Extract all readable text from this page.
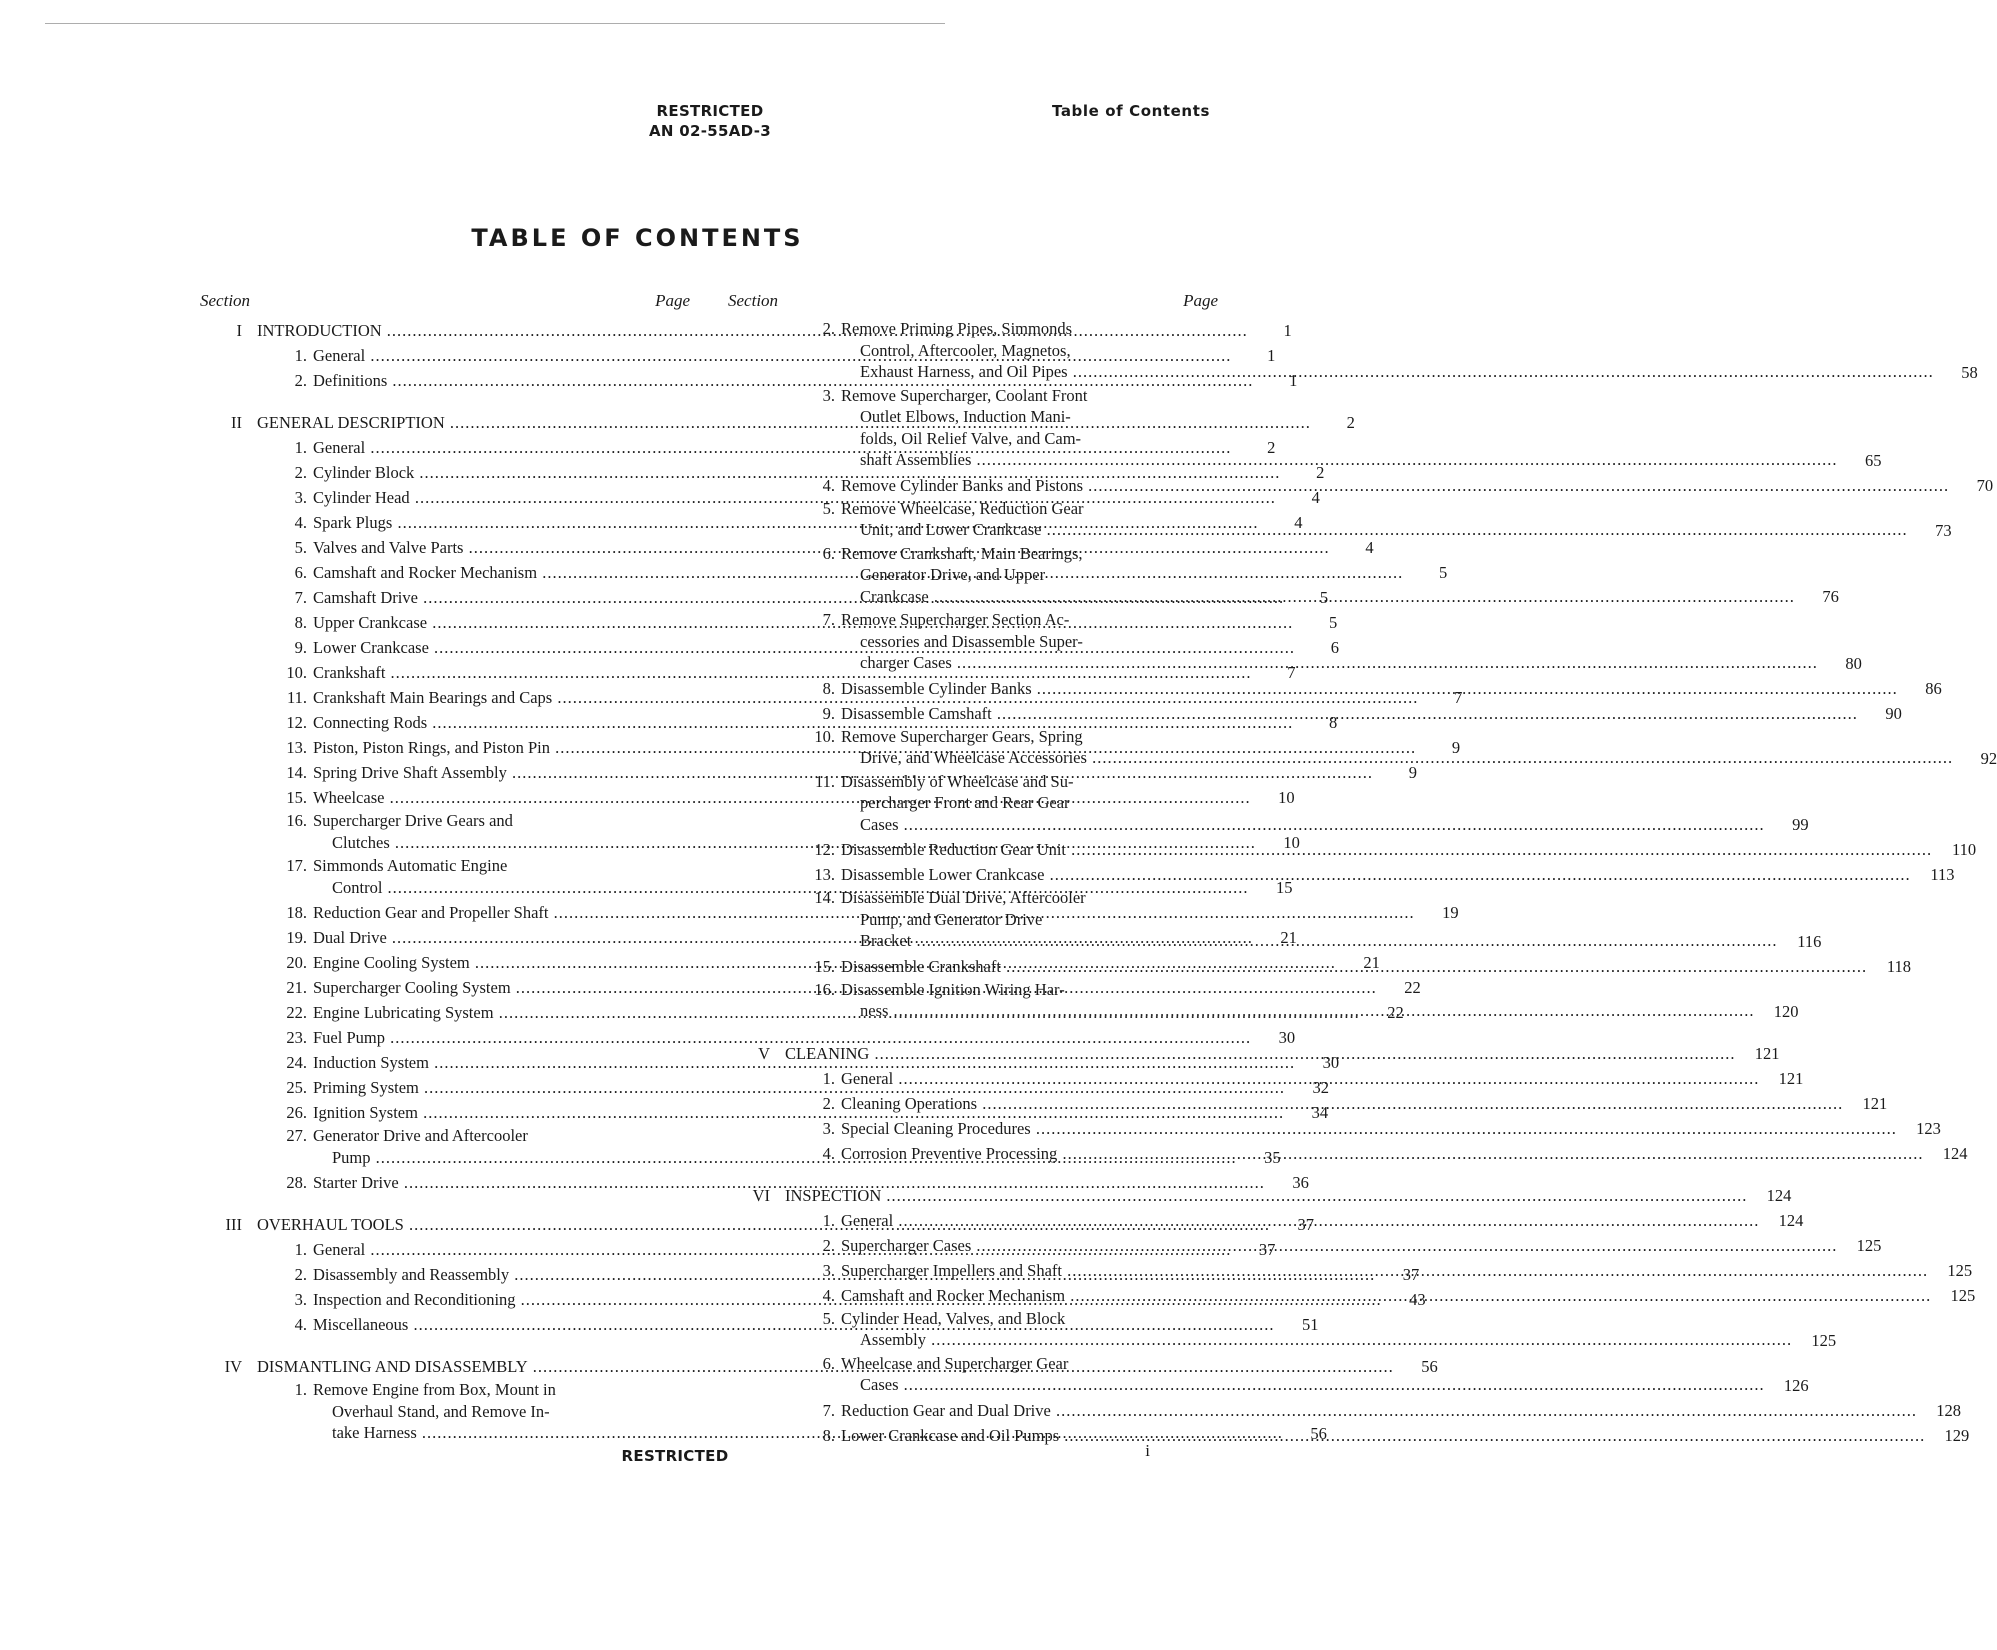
RESTRICTED
AN 02-55AD-3
Table of Contents
TABLE OF CONTENTS
Section	Page
I INTRODUCTION .....	1
1. General .....	1
2. Definitions .....	1
II GENERAL DESCRIPTION .....	2
1. General .....	2
2. Cylinder Block .....	2
3. Cylinder Head .....	4
4. Spark Plugs .....	4
5. Valves and Valve Parts .....	4
6. Camshaft and Rocker Mechanism .....	5
7. Camshaft Drive .....	5
8. Upper Crankcase .....	5
9. Lower Crankcase .....	6
10. Crankshaft .....	7
11. Crankshaft Main Bearings and Caps .....	7
12. Connecting Rods .....	8
13. Piston, Piston Rings, and Piston Pin .....	9
14. Spring Drive Shaft Assembly .....	9
15. Wheelcase .....	10
16. Supercharger Drive Gears and
Clutches .....	10
17. Simmonds Automatic Engine
Control .....	15
18. Reduction Gear and Propeller Shaft .....	19
19. Dual Drive .....	21
20. Engine Cooling System .....	21
21. Supercharger Cooling System .....	22
22. Engine Lubricating System .....	22
23. Fuel Pump .....	30
24. Induction System .....	30
25. Priming System .....	32
26. Ignition System .....	34
27. Generator Drive and Aftercooler
Pump .....	35
28. Starter Drive .....	36
III OVERHAUL TOOLS .....	37
1. General .....	37
2. Disassembly and Reassembly .....	37
3. Inspection and Reconditioning .....	43
4. Miscellaneous .....	51
IV DISMANTLING AND DISASSEMBLY .....	56
1. Remove Engine from Box, Mount in
Overhaul Stand, and Remove In-
take Harness .....	56
Section	Page
2. Remove Priming Pipes, Simmonds
Control, Aftercooler, Magnetos,
Exhaust Harness, and Oil Pipes .....	58
3. Remove Supercharger, Coolant Front
Outlet Elbows, Induction Mani-
folds, Oil Relief Valve, and Cam-
shaft Assemblies .....	65
4. Remove Cylinder Banks and Pistons .....	70
5. Remove Wheelcase, Reduction Gear
Unit, and Lower Crankcase .....	73
6. Remove Crankshaft, Main Bearings,
Generator Drive, and Upper
Crankcase .....	76
7. Remove Supercharger Section Ac-
cessories and Disassemble Super-
charger Cases .....	80
8. Disassemble Cylinder Banks .....	86
9. Disassemble Camshaft .....	90
10. Remove Supercharger Gears, Spring
Drive, and Wheelcase Accessories .....	92
11. Disassembly of Wheelcase and Su-
percharger Front and Rear Gear
Cases .....	99
12. Disassemble Reduction Gear Unit .....	110
13. Disassemble Lower Crankcase .....	113
14. Disassemble Dual Drive, Aftercooler
Pump, and Generator Drive
Bracket .....	116
15. Disassemble Crankshaft .....	118
16. Disassemble Ignition Wiring Har-
ness .....	120
V CLEANING .....	121
1. General .....	121
2. Cleaning Operations .....	121
3. Special Cleaning Procedures .....	123
4. Corrosion Preventive Processing .....	124
VI INSPECTION .....	124
1. General .....	124
2. Supercharger Cases .....	125
3. Supercharger Impellers and Shaft .....	125
4. Camshaft and Rocker Mechanism .....	125
5. Cylinder Head, Valves, and Block
Assembly .....	125
6. Wheelcase and Supercharger Gear
Cases .....	126
7. Reduction Gear and Dual Drive .....	128
8. Lower Crankcase and Oil Pumps .....	129
RESTRICTED	i
